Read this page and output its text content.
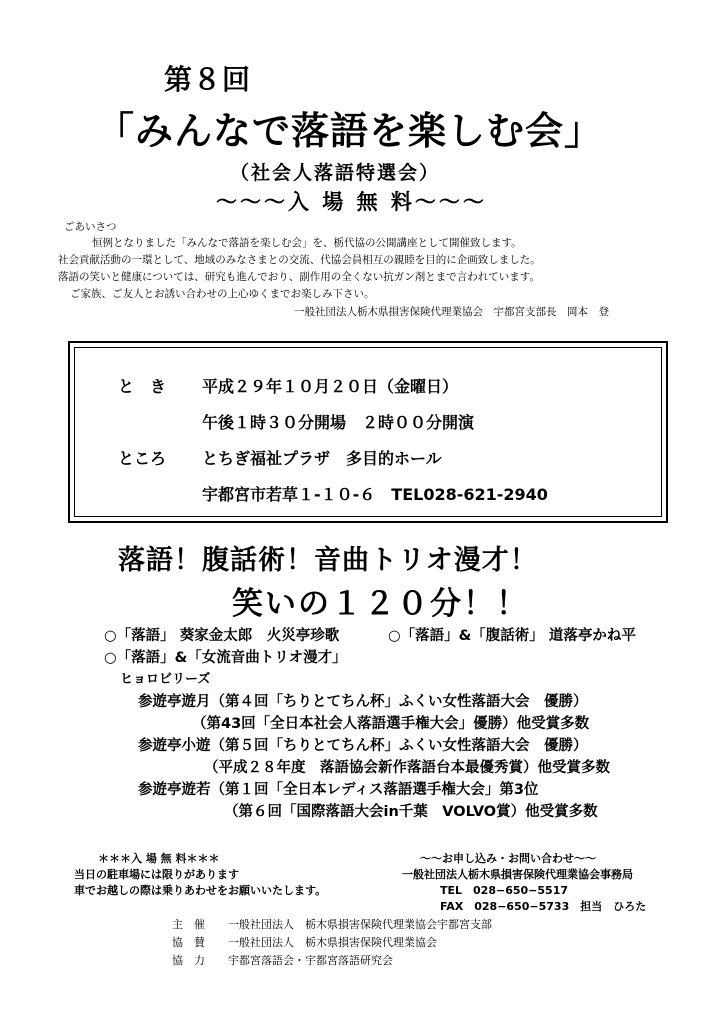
第８回
「みんなで落語を楽しむ会」
（社会人落語特選会）
〜〜〜入 場 無 料〜〜〜
ごあいさつ
恒例となりました「みんなで落語を楽しむ会」を、栃代協の公開講座として開催致します。
社会貢献活動の一環として、地域のみなさまとの交流、代協会員相互の親睦を目的に企画致しました。
落語の笑いと健康については、研究も進んでおり、副作用の全くない抗ガン剤とまで言われています。
ご家族、ご友人とお誘い合わせの上心ゆくまでお楽しみ下さい。
一般社団法人栃木県損害保険代理業協会　宇都宮支部長　岡本　登
と　き 平成２９年１０月２０日（金曜日）
午後１時３０分開場　２時００分開演
ところ とちぎ福祉プラザ　多目的ホール
宇都宮市若草１-１０-６　TEL028-621-2940
落語！腹話術！音曲トリオ漫才！
笑いの１２０分！！
○「落語」 葵家金太郎　火災亭珍歌	○「落語」&「腹話術」 道落亭かね平
○「落語」&「女流音曲トリオ漫才」
ヒョロビリーズ
参遊亭遊月（第４回「ちりとてちん杯」ふくい女性落語大会　優勝）
（第43回「全日本社会人落語選手権大会」優勝）他受賞多数
参遊亭小遊（第５回「ちりとてちん杯」ふくい女性落語大会　優勝）
（平成２８年度　落語協会新作落語台本最優秀賞）他受賞多数
参遊亭遊若（第１回「全日本レディス落語選手権大会」第3位
（第６回「国際落語大会in千葉　VOLVO賞）他受賞多数
＊＊＊入 場 無 料＊＊＊
当日の駐車場には限りがあります
車でお越しの際は乗りあわせをお願いいたします。
〜〜お申し込み・お問い合わせ〜〜
一般社団法人栃木県損害保険代理業協会事務局
TEL　028−650−5517
FAX　028−650−5733　担当　ひろた
主　催 一般社団法人　栃木県損害保険代理業協会宇都宮支部
協　賛 一般社団法人　栃木県損害保険代理業協会
協　力 宇都宮落語会・宇都宮落語研究会
